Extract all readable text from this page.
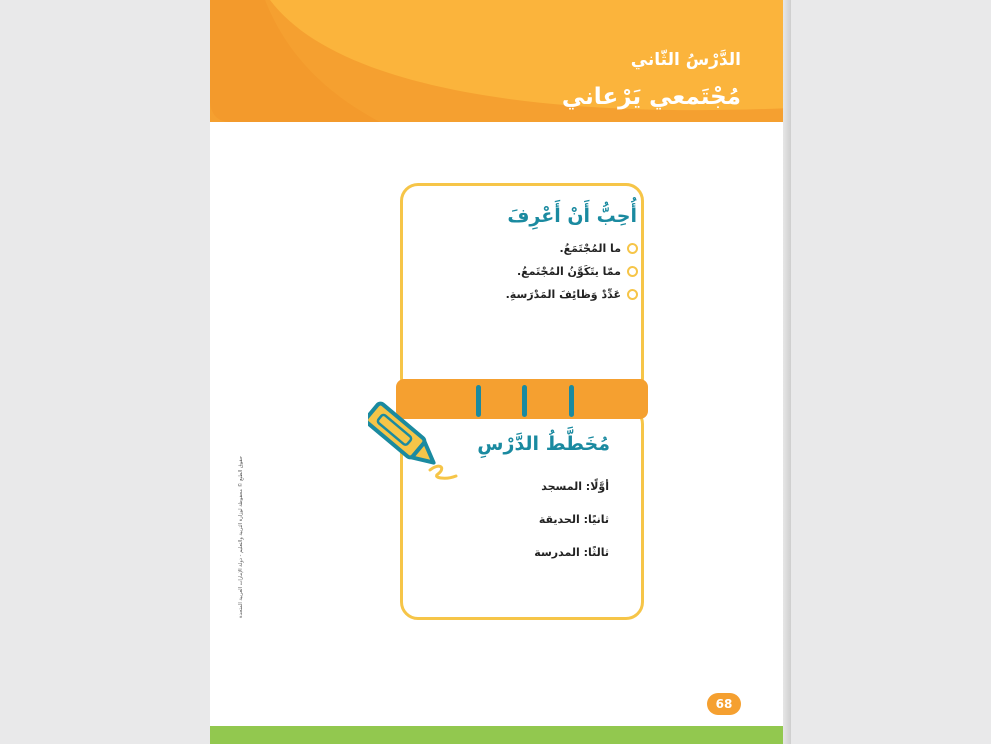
الدَّرْسُ الثّاني
مُجْتَمعي يَرْعاني
أُحِبُّ أَنْ أَعْرِفَ
ما المُجْتَمَعُ.
ممّا يتَكَوَّنُ المُجْتَمعُ.
عَدِّدْ وَظائِفَ المَدْرَسةِ.
مُخَطَّطُ الدَّرْسِ
أوَّلًا: المسجد
ثانيًا: الحديقة
ثالثًا: المدرسة
حقوق الطبع © محفوظة لوزارة التربية والتعليم - دولة الإمارات العربية المتحدة
68
